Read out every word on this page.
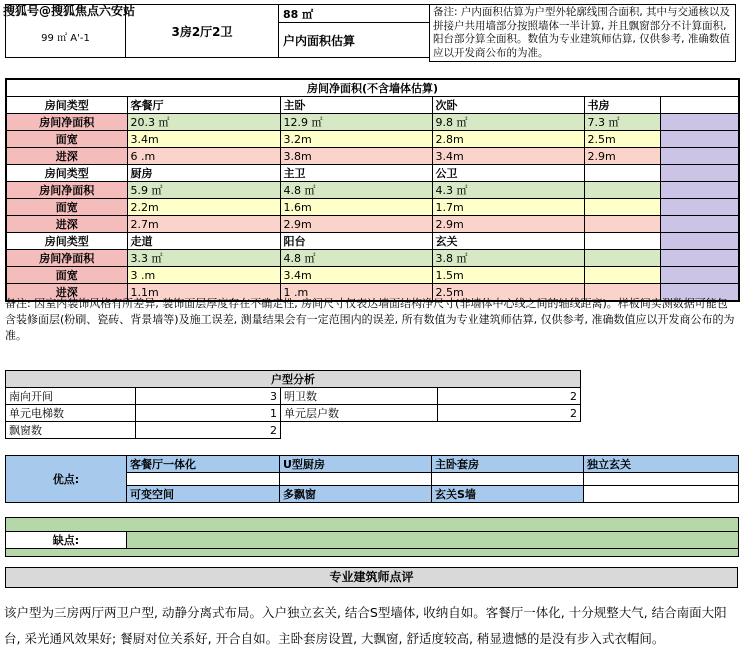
搜狐号@搜狐焦点六安站
99 ㎡ A'-1	3房2厅2卫
88 ㎡
户内面积估算
备注: 户内面积估算为户型外轮廓线围合面积, 其中与交通核以及拼接户共用墙部分按照墙体一半计算, 并且飘窗部分不计算面积, 阳台部分算全面积。数值为专业建筑师估算, 仅供参考, 准确数值应以开发商公布的为准。
房间净面积(不含墙体估算)					
房间类型	客餐厅	主卧	次卧	书房	
房间净面积	20.3 ㎡	12.9 ㎡	9.8 ㎡	7.3 ㎡	
面宽	3.4m	3.2m	2.8m	2.5m	
进深	6 .m	3.8m	3.4m	2.9m	
房间类型	厨房	主卫	公卫		
房间净面积	5.9 ㎡	4.8 ㎡	4.3 ㎡		
面宽	2.2m	1.6m	1.7m		
进深	2.7m	2.9m	2.9m		
房间类型	走道	阳台	玄关		
房间净面积	3.3 ㎡	4.8 ㎡	3.8 ㎡		
面宽	3 .m	3.4m	1.5m		
进深	1.1m	1 .m	2.5m		
备注: 因室内装饰风格有所差异, 装饰面层厚度存在不确定性, 房间尺寸仅表达墙面结构净尺寸(非墙体中心线之间的轴线距离)。样板间实测数据可能包含装修面层(粉刷、瓷砖、背景墙等)及施工误差, 测量结果会有一定范围内的误差, 所有数值为专业建筑师估算, 仅供参考, 准确数值应以开发商公布的为准。
户型分析			
南向开间	3	明卫数	2
单元电梯数	1	单元层户数	2
飘窗数	2		
优点:	客餐厅一体化	U型厨房	主卧套房	独立玄关

	可变空间	多飘窗	玄关S墙	

缺点:	

专业建筑师点评
该户型为三房两厅两卫户型, 动静分离式布局。入户独立玄关, 结合S型墙体, 收纳自如。客餐厅一体化, 十分规整大气, 结合南面大阳台, 采光通风效果好; 餐厨对位关系好, 开合自如。主卧套房设置, 大飘窗, 舒适度较高, 稍显遗憾的是没有步入式衣帽间。
